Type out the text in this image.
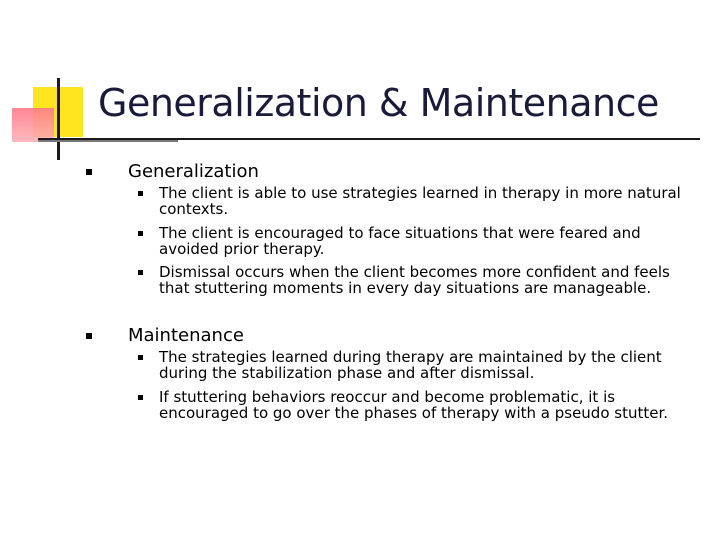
Generalization & Maintenance
Generalization
The client is able to use strategies learned in therapy in more natural contexts.
The client is encouraged to face situations that were feared and avoided prior therapy.
Dismissal occurs when the client becomes more confident and feels that stuttering moments in every day situations are manageable.
Maintenance
The strategies learned during therapy are maintained by the client during the stabilization phase and after dismissal.
If stuttering behaviors reoccur and become problematic, it is encouraged to go over the phases of therapy with a pseudo stutter.
